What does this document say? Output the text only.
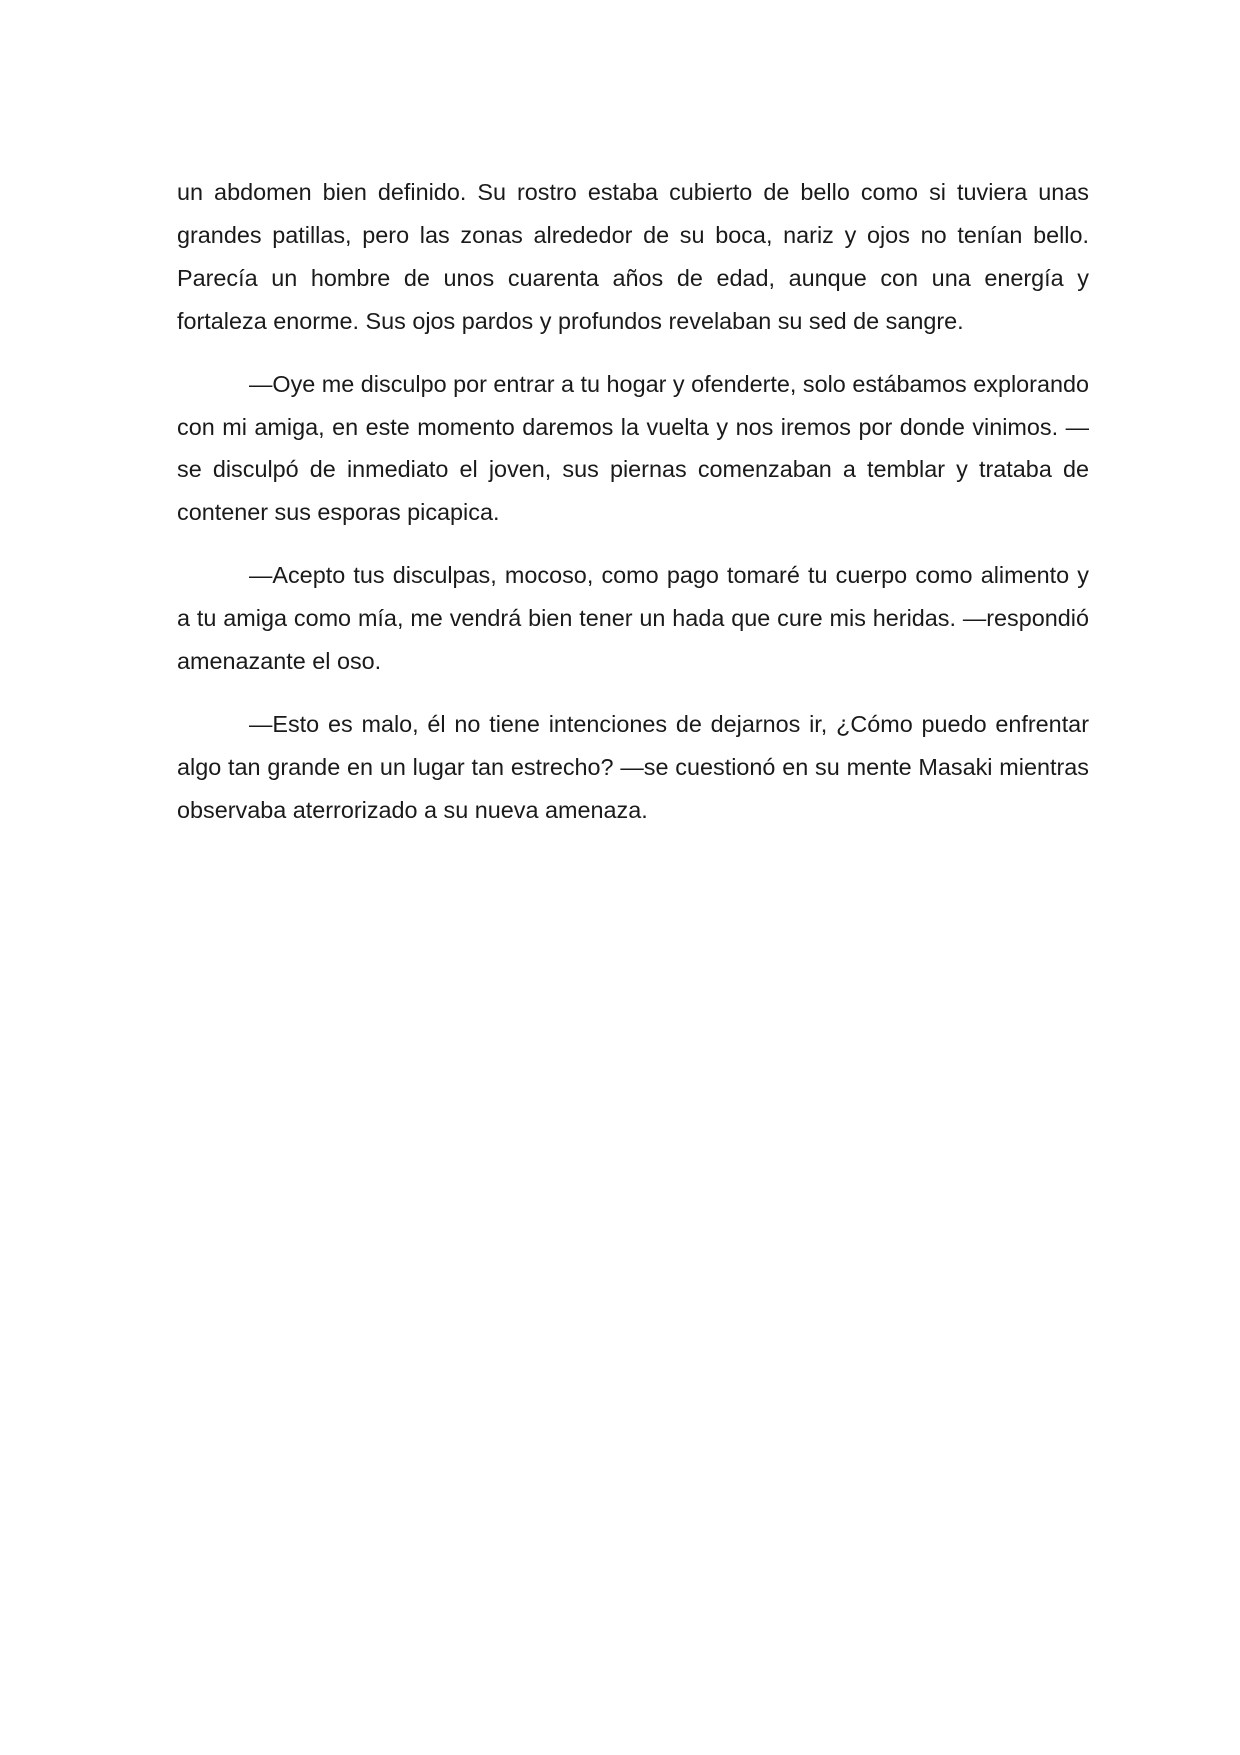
un abdomen bien definido. Su rostro estaba cubierto de bello como si tuviera unas grandes patillas, pero las zonas alrededor de su boca, nariz y ojos no tenían bello. Parecía un hombre de unos cuarenta años de edad, aunque con una energía y fortaleza enorme. Sus ojos pardos y profundos revelaban su sed de sangre.

—Oye me disculpo por entrar a tu hogar y ofenderte, solo estábamos explorando con mi amiga, en este momento daremos la vuelta y nos iremos por donde vinimos. —se disculpó de inmediato el joven, sus piernas comenzaban a temblar y trataba de contener sus esporas picapica.

—Acepto tus disculpas, mocoso, como pago tomaré tu cuerpo como alimento y a tu amiga como mía, me vendrá bien tener un hada que cure mis heridas. —respondió amenazante el oso.

—Esto es malo, él no tiene intenciones de dejarnos ir, ¿Cómo puedo enfrentar algo tan grande en un lugar tan estrecho? —se cuestionó en su mente Masaki mientras observaba aterrorizado a su nueva amenaza.
